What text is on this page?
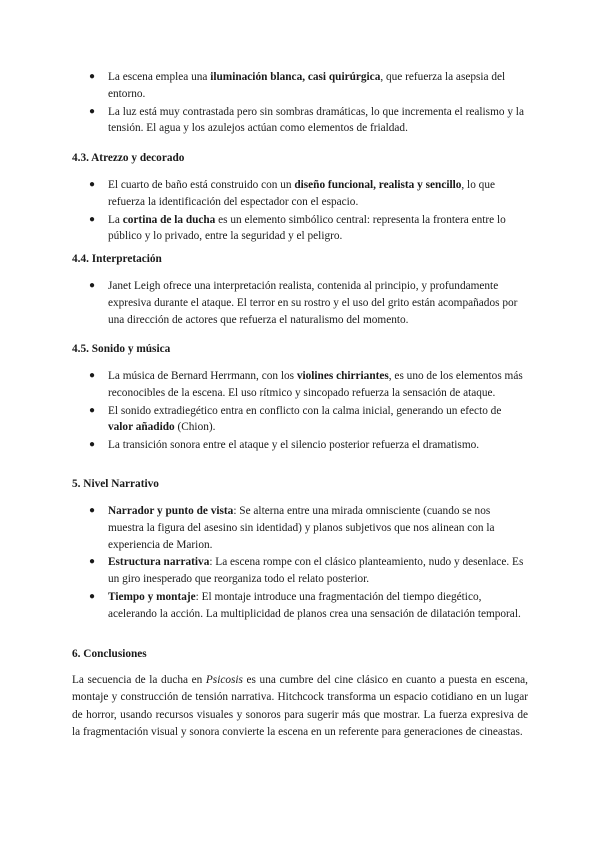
● La escena emplea una iluminación blanca, casi quirúrgica, que refuerza la asepsia del entorno.
● La luz está muy contrastada pero sin sombras dramáticas, lo que incrementa el realismo y la tensión. El agua y los azulejos actúan como elementos de frialdad.
4.3. Atrezzo y decorado
● El cuarto de baño está construido con un diseño funcional, realista y sencillo, lo que refuerza la identificación del espectador con el espacio.
● La cortina de la ducha es un elemento simbólico central: representa la frontera entre lo público y lo privado, entre la seguridad y el peligro.
4.4. Interpretación
● Janet Leigh ofrece una interpretación realista, contenida al principio, y profundamente expresiva durante el ataque. El terror en su rostro y el uso del grito están acompañados por una dirección de actores que refuerza el naturalismo del momento.
4.5. Sonido y música
● La música de Bernard Herrmann, con los violines chirriantes, es uno de los elementos más reconocibles de la escena. El uso rítmico y sincopado refuerza la sensación de ataque.
● El sonido extradiegético entra en conflicto con la calma inicial, generando un efecto de valor añadido (Chion).
● La transición sonora entre el ataque y el silencio posterior refuerza el dramatismo.
5. Nivel Narrativo
● Narrador y punto de vista: Se alterna entre una mirada omnisciente (cuando se nos muestra la figura del asesino sin identidad) y planos subjetivos que nos alinean con la experiencia de Marion.
● Estructura narrativa: La escena rompe con el clásico planteamiento, nudo y desenlace. Es un giro inesperado que reorganiza todo el relato posterior.
● Tiempo y montaje: El montaje introduce una fragmentación del tiempo diegético, acelerando la acción. La multiplicidad de planos crea una sensación de dilatación temporal.
6. Conclusiones

La secuencia de la ducha en Psicosis es una cumbre del cine clásico en cuanto a puesta en escena, montaje y construcción de tensión narrativa. Hitchcock transforma un espacio cotidiano en un lugar de horror, usando recursos visuales y sonoros para sugerir más que mostrar. La fuerza expresiva de la fragmentación visual y sonora convierte la escena en un referente para generaciones de cineastas.
